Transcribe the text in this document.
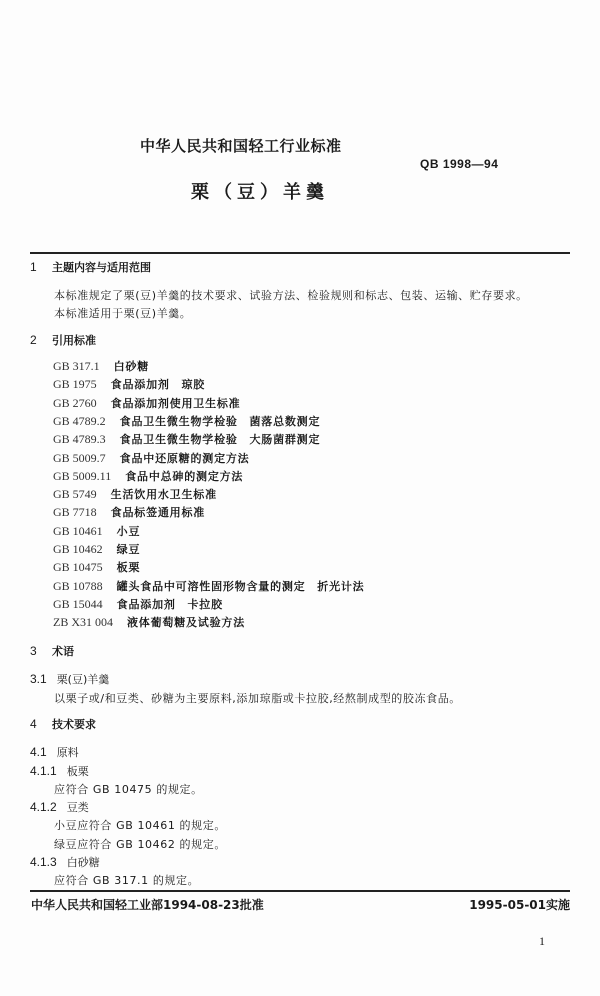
中华人民共和国轻工行业标准
QB 1998—94
栗（豆）羊羹
1 主题内容与适用范围
本标准规定了栗(豆)羊羹的技术要求、试验方法、检验规则和标志、包装、运输、贮存要求。
本标准适用于栗(豆)羊羹。
2 引用标准
GB 317.1 白砂糖
GB 1975 食品添加剂　琼胶
GB 2760 食品添加剂使用卫生标准
GB 4789.2 食品卫生微生物学检验　菌落总数测定
GB 4789.3 食品卫生微生物学检验　大肠菌群测定
GB 5009.7 食品中还原糖的测定方法
GB 5009.11 食品中总砷的测定方法
GB 5749 生活饮用水卫生标准
GB 7718 食品标签通用标准
GB 10461 小豆
GB 10462 绿豆
GB 10475 板栗
GB 10788 罐头食品中可溶性固形物含量的测定　折光计法
GB 15044 食品添加剂　卡拉胶
ZB X31 004 液体葡萄糖及试验方法
3 术语
3.1 栗(豆)羊羹
以栗子或/和豆类、砂糖为主要原料,添加琼脂或卡拉胶,经熬制成型的胶冻食品。
4 技术要求
4.1 原料
4.1.1 板栗
应符合 GB 10475 的规定。
4.1.2 豆类
小豆应符合 GB 10461 的规定。
绿豆应符合 GB 10462 的规定。
4.1.3 白砂糖
应符合 GB 317.1 的规定。
中华人民共和国轻工业部1994-08-23批准	1995-05-01实施
1
